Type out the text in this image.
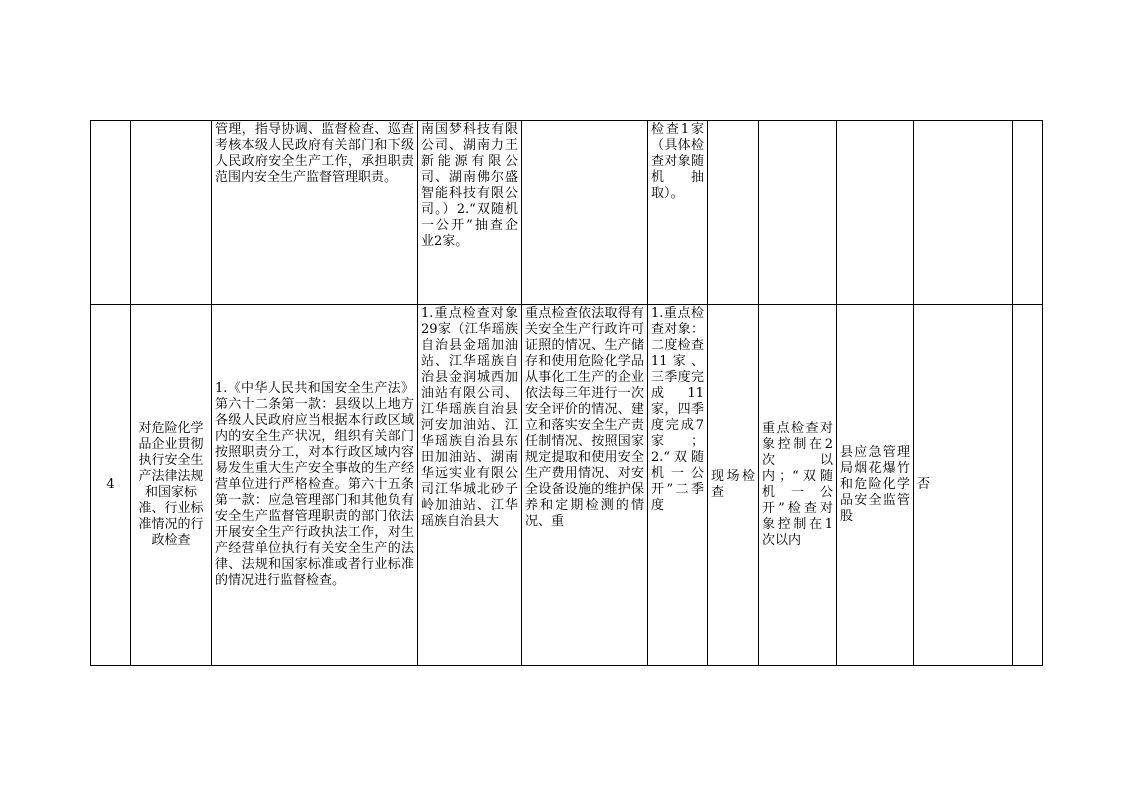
		管理，指导协调、监督检查、巡查考核本级人民政府有关部门和下级人民政府安全生产工作，承担职责范围内安全生产监督管理职责。	南国梦科技有限公司、湖南力王新能源有限公司、湖南佛尔盛智能科技有限公司。）2.“双随机一公开”抽查企业2家。		检查1家（具体检查对象随机抽取）。					
4	对危险化学品企业贯彻执行安全生产法律法规和国家标准、行业标准情况的行政检查	1.《中华人民共和国安全生产法》第六十二条第一款：县级以上地方各级人民政府应当根据本行政区域内的安全生产状况，组织有关部门按照职责分工，对本行政区域内容易发生重大生产安全事故的生产经营单位进行严格检查。第六十五条第一款：应急管理部门和其他负有安全生产监督管理职责的部门依法开展安全生产行政执法工作，对生产经营单位执行有关安全生产的法律、法规和国家标准或者行业标准的情况进行监督检查。	1.重点检查对象29家（江华瑶族自治县金瑶加油站、江华瑶族自治县金润城西加油站有限公司、江华瑶族自治县河安加油站、江华瑶族自治县东田加油站、湖南华远实业有限公司江华城北砂子岭加油站、江华瑶族自治县大	重点检查依法取得有关安全生产行政许可证照的情况、生产储存和使用危险化学品从事化工生产的企业依法每三年进行一次安全评价的情况、建立和落实安全生产责任制情况、按照国家规定提取和使用安全生产费用情况、对安全设备设施的维护保养和定期检测的情况、重	1.重点检查对象：二度检查11家、三季度完成11家，四季度完成7家；2.“双随机一公开”二季度	现场检查	重点检查对象控制在2次以内；“双随机一公开”检查对象控制在1次以内	县应急管理局烟花爆竹和危险化学品安全监管股	否	
